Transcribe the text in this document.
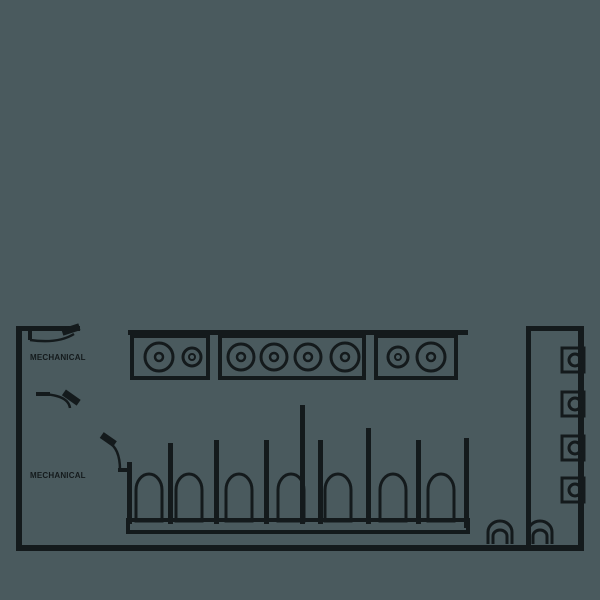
MECHANICAL
MECHANICAL
